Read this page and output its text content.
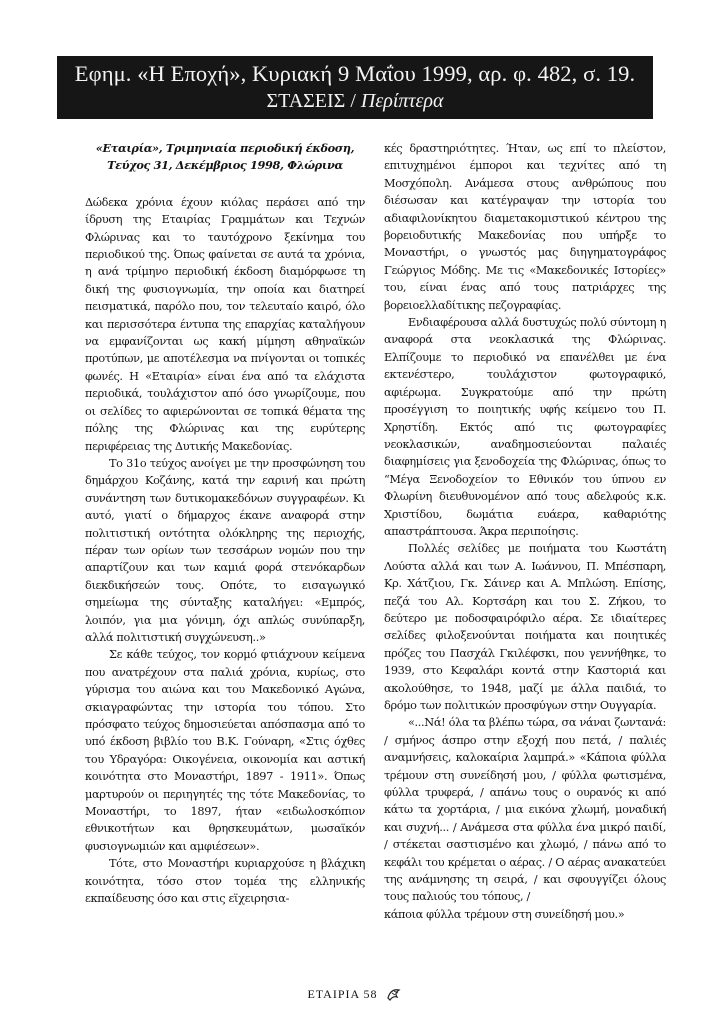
Εφημ. «Η Εποχή», Κυριακή 9 Μαΐου 1999, αρ. φ. 482, σ. 19.
ΣΤΑΣΕΙΣ / Περίπτερα
«Εταιρία», Τριμηνιαία περιοδική έκδοση,
Τεύχος 31, Δεκέμβριος 1998, Φλώρινα

Δώδεκα χρόνια έχουν κιόλας περάσει από την ίδρυση της Εταιρίας Γραμμάτων και Τεχνών Φλώρινας και το ταυτόχρονο ξεκίνημα του περιοδικού της. Όπως φαίνεται σε αυτά τα χρόνια, η ανά τρίμηνο περιοδική έκδοση διαμόρφωσε τη δική της φυσιογνωμία, την οποία και διατηρεί πεισματικά, παρόλο που, τον τελευταίο καιρό, όλο και περισσότερα έντυπα της επαρχίας καταλήγουν να εμφανίζονται ως κακή μίμηση αθηναϊκών προτύπων, με αποτέλεσμα να πνίγονται οι τοπικές φωνές. Η «Εταιρία» είναι ένα από τα ελάχιστα περιοδικά, τουλάχιστον από όσο γνωρίζουμε, που οι σελίδες το αφιερώνονται σε τοπικά θέματα της πόλης της Φλώρινας και της ευρύτερης περιφέρειας της Δυτικής Μακεδονίας.

Το 31ο τεύχος ανοίγει με την προσφώνηση του δημάρχου Κοζάνης, κατά την εαρινή και πρώτη συνάντηση των δυτικομακεδόνων συγγραφέων. Κι αυτό, γιατί ο δήμαρχος έκανε αναφορά στην πολιτιστική οντότητα ολόκληρης της περιοχής, πέραν των ορίων των τεσσάρων νομών που την απαρτίζουν και των καμιά φορά στενόκαρδων διεκδικήσεών τους. Οπότε, το εισαγωγικό σημείωμα της σύνταξης καταλήγει: «Εμπρός, λοιπόν, για μια γόνιμη, όχι απλώς συνύπαρξη, αλλά πολιτιστική συγχώνευση..»

Σε κάθε τεύχος, τον κορμό φτιάχνουν κείμενα που ανατρέχουν στα παλιά χρόνια, κυρίως, στο γύρισμα του αιώνα και του Μακεδονικό Αγώνα, σκιαγραφώντας την ιστορία του τόπου. Στο πρόσφατο τεύχος δημοσιεύεται απόσπασμα από το υπό έκδοση βιβλίο του Β.Κ. Γούναρη, «Στις όχθες του Υδραγόρα: Οικογένεια, οικονομία και αστική κοινότητα στο Μοναστήρι, 1897 - 1911». Όπως μαρτυρούν οι περιηγητές της τότε Μακεδονίας, το Μοναστήρι, το 1897, ήταν «ειδωλοσκόπιον εθνικοτήτων και θρησκευμάτων, μωσαϊκόν φυσιογνωμιών και αμφιέσεων».

Τότε, στο Μοναστήρι κυριαρχούσε η βλάχικη κοινότητα, τόσο στον τομέα της ελληνικής εκπαίδευσης όσο και στις εϊχειρησια-

κές δραστηριότητες. Ήταν, ως επί το πλείστον, επιτυχημένοι έμποροι και τεχνίτες από τη Μοσχόπολη. Ανάμεσα στους ανθρώπους που διέσωσαν και κατέγραψαν την ιστορία του αδιαφιλονίκητου διαμετακομιστικού κέντρου της βορειοδυτικής Μακεδονίας που υπήρξε το Μοναστήρι, ο γνωστός μας διηγηματογράφος Γεώργιος Μόδης. Με τις «Μακεδονικές Ιστορίες» του, είναι ένας από τους πατριάρχες της βορειοελλαδίτικης πεζογραφίας.

Ενδιαφέρουσα αλλά δυστυχώς πολύ σύντομη η αναφορά στα νεοκλασικά της Φλώρινας. Ελπίζουμε το περιοδικό να επανέλθει με ένα εκτενέστερο, τουλάχιστον φωτογραφικό, αφιέρωμα. Συγκρατούμε από την πρώτη προσέγγιση το ποιητικής υφής κείμενο του Π. Χρηστίδη. Εκτός από τις φωτογραφίες νεοκλασικών, αναδημοσιεύονται παλαιές διαφημίσεις για ξενοδοχεία της Φλώρινας, όπως το “Μέγα Ξενοδοχείον το Εθνικόν του ύπνου εν Φλωρίνη διευθυνομένον από τους αδελφούς κ.κ. Χριστίδου, δωμάτια ευάερα, καθαριότης απαστράπτουσα. Άκρα περιποίησις.

Πολλές σελίδες με ποιήματα του Κωστάτη Λούστα αλλά και των Α. Ιωάννου, Π. Μπέσπαρη, Κρ. Χάτζιου, Γκ. Σάινερ και Α. Μπλώση. Επίσης, πεζά του Αλ. Κορτσάρη και του Σ. Ζήκου, το δεύτερο με ποδοσφαιρόφιλο αέρα. Σε ιδιαίτερες σελίδες φιλοξενούνται ποιήματα και ποιητικές πρόζες του Πασχάλ Γκιλέφσκι, που γεννήθηκε, το 1939, στο Κεφαλάρι κοντά στην Καστοριά και ακολούθησε, το 1948, μαζί με άλλα παιδιά, το δρόμο των πολιτικών προσφύγων στην Ουγγαρία.

«...Νά! όλα τα βλέπω τώρα, σα νάναι ζωντανά: / σμήνος άσπρο στην εξοχή που πετά, / παλιές αναμνήσεις, καλοκαίρια λαμπρά.» «Κάποια φύλλα τρέμουν στη συνείδησή μου, / φύλλα φωτισμένα, φύλλα τρυφερά, / απάνω τους ο ουρανός κι από κάτω τα χορτάρια, / μια εικόνα χλωμή, μοναδική και συχνή... / Ανάμεσα στα φύλλα ένα μικρό παιδί, / στέκεται σαστισμένο και χλωμό, / πάνω από το κεφάλι του κρέμεται ο αέρας. / Ο αέρας ανακατεύει της ανάμνησης τη σειρά, / και σφουγγίζει όλους τους παλιούς του τόπους, /

κάποια φύλλα τρέμουν στη συνείδησή μου.»

ΕΤΑΙΡΙΑ 58
